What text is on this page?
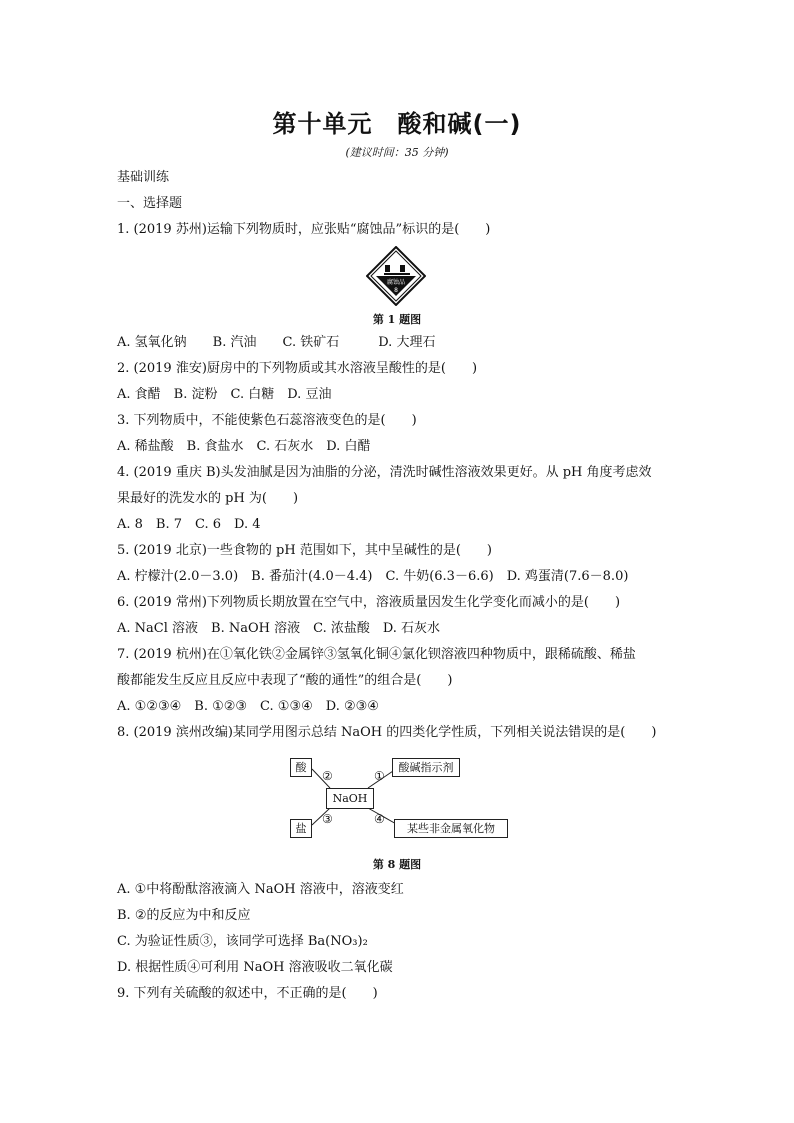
第十单元　酸和碱(一)
(建议时间：35 分钟)
基础训练
一、选择题
1. (2019 苏州)运输下列物质时，应张贴“腐蚀品”标识的是(　　)
腐蚀品
8
第 1 题图
A. 氢氧化钠　　B. 汽油　　C. 铁矿石　　　D. 大理石
2. (2019 淮安)厨房中的下列物质或其水溶液呈酸性的是(　　)
A. 食醋　B. 淀粉　C. 白糖　D. 豆油
3. 下列物质中，不能使紫色石蕊溶液变色的是(　　)
A. 稀盐酸　B. 食盐水　C. 石灰水　D. 白醋
4. (2019 重庆 B)头发油腻是因为油脂的分泌，清洗时碱性溶液效果更好。从 pH 角度考虑效
果最好的洗发水的 pH 为(　　)
A. 8　B. 7　C. 6　D. 4
5. (2019 北京)一些食物的 pH 范围如下，其中呈碱性的是(　　)
A. 柠檬汁(2.0－3.0)　B. 番茄汁(4.0－4.4)　C. 牛奶(6.3－6.6)　D. 鸡蛋清(7.6－8.0)
6. (2019 常州)下列物质长期放置在空气中，溶液质量因发生化学变化而减小的是(　　)
A. NaCl 溶液　B. NaOH 溶液　C. 浓盐酸　D. 石灰水
7. (2019 杭州)在①氧化铁②金属锌③氢氧化铜④氯化钡溶液四种物质中，跟稀硫酸、稀盐
酸都能发生反应且反应中表现了“酸的通性”的组合是(　　)
A. ①②③④　B. ①②③　C. ①③④　D. ②③④
8. (2019 滨州改编)某同学用图示总结 NaOH 的四类化学性质，下列相关说法错误的是(　　)
酸	酸碱指示剂
NaOH
盐	某些非金属氧化物
②	①
③	④
第 8 题图
A. ①中将酚酞溶液滴入 NaOH 溶液中，溶液变红
B. ②的反应为中和反应
C. 为验证性质③，该同学可选择 Ba(NO₃)₂
D. 根据性质④可利用 NaOH 溶液吸收二氧化碳
9. 下列有关硫酸的叙述中，不正确的是(　　)
